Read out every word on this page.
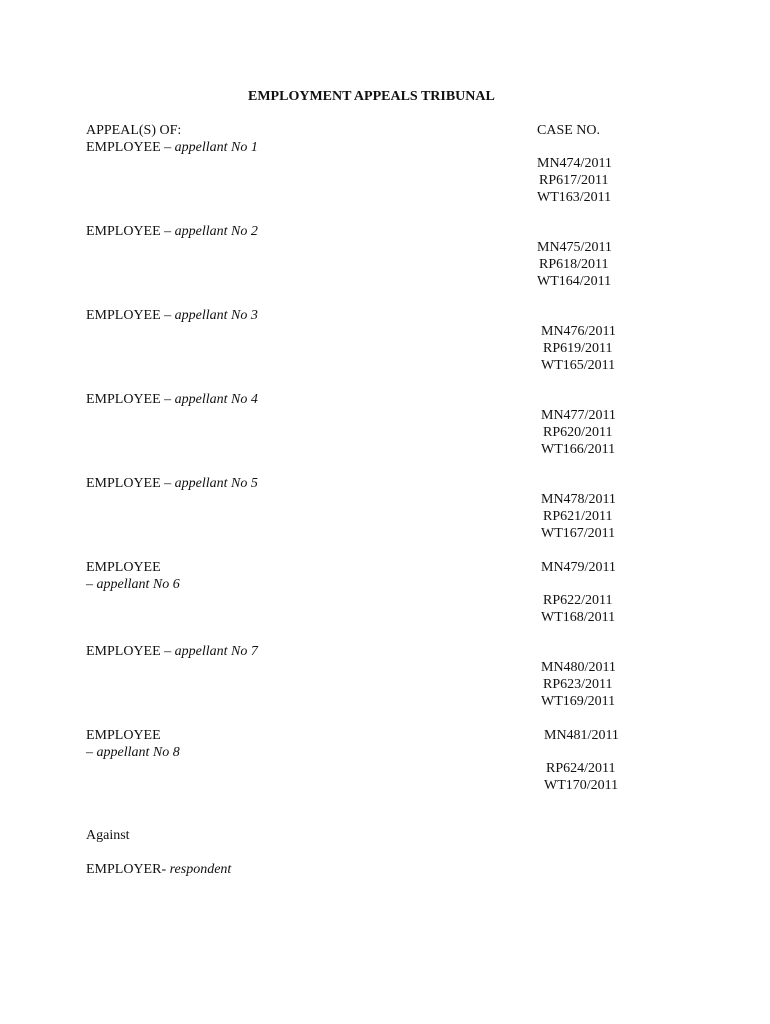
EMPLOYMENT APPEALS TRIBUNAL
APPEAL(S) OF:	CASE NO.
EMPLOYEE – appellant No 1
MN474/2011
RP617/2011
WT163/2011
EMPLOYEE – appellant No 2
MN475/2011
RP618/2011
WT164/2011
EMPLOYEE – appellant No 3
MN476/2011
RP619/2011
WT165/2011
EMPLOYEE – appellant No 4
MN477/2011
RP620/2011
WT166/2011
EMPLOYEE – appellant No 5
MN478/2011
RP621/2011
WT167/2011
EMPLOYEE
– appellant No 6
MN479/2011
RP622/2011
WT168/2011
EMPLOYEE – appellant No 7
MN480/2011
RP623/2011
WT169/2011
EMPLOYEE
– appellant No 8
MN481/2011
RP624/2011
WT170/2011
Against
EMPLOYER- respondent
